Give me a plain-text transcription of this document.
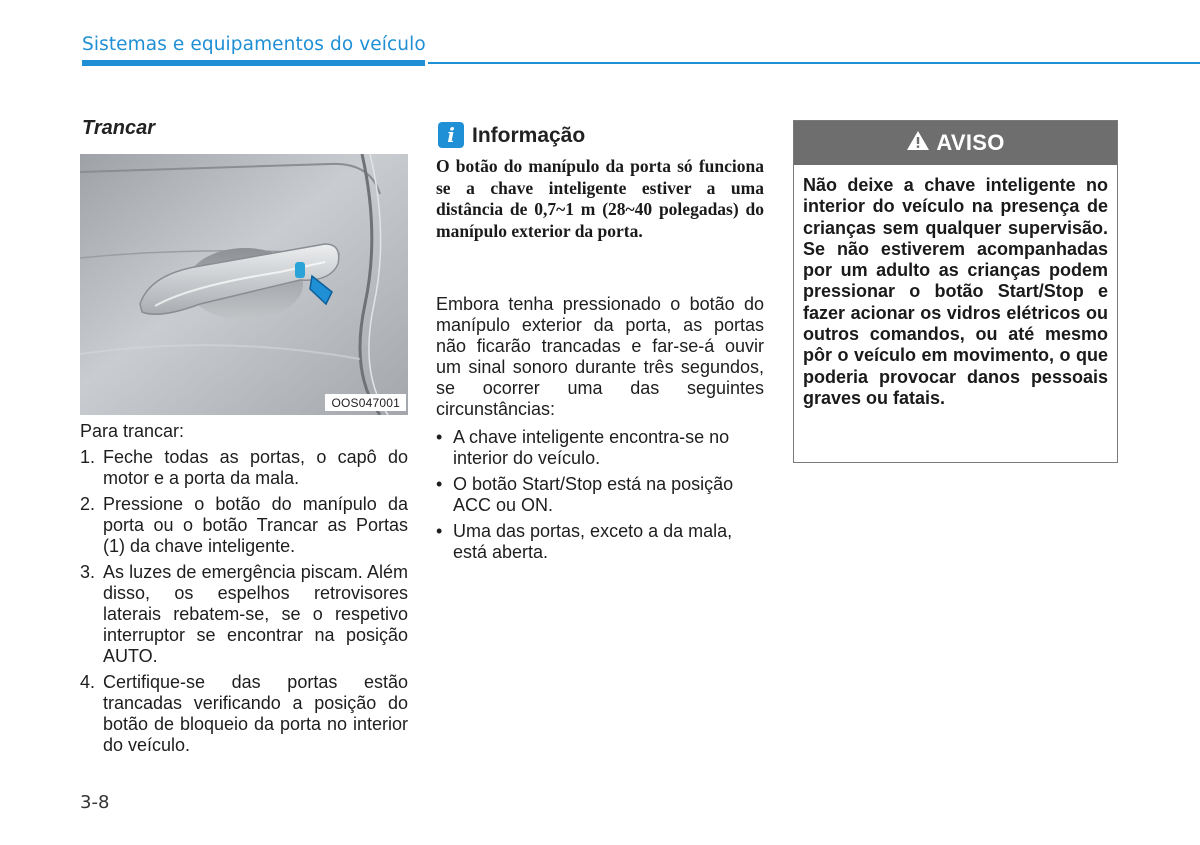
Sistemas e equipamentos do veículo
Trancar
OOS047001
Para trancar:
1. Feche todas as portas, o capô do motor e a porta da mala.
2. Pressione o botão do manípulo da porta ou o botão Trancar as Portas (1) da chave inteligente.
3. As luzes de emergência piscam. Além disso, os espelhos retrovisores laterais rebatem-se, se o respetivo interruptor se encontrar na posição AUTO.
4. Certifique-se das portas estão trancadas verificando a posição do botão de bloqueio da porta no interior do veículo.
3-8
i Informação
O botão do manípulo da porta só funciona se a chave inteligente estiver a uma distância de 0,7~1 m (28~40 polegadas) do manípulo exterior da porta.
Embora tenha pressionado o botão do manípulo exterior da porta, as portas não ficarão trancadas e far-se-á ouvir um sinal sonoro durante três segundos, se ocorrer uma das seguintes circunstâncias:
• A chave inteligente encontra-se no interior do veículo.
• O botão Start/Stop está na posição ACC ou ON.
• Uma das portas, exceto a da mala, está aberta.
AVISO
Não deixe a chave inteligente no interior do veículo na presença de crianças sem qualquer supervisão. Se não estiverem acompanhadas por um adulto as crianças podem pressionar o botão Start/Stop e fazer acionar os vidros elétricos ou outros comandos, ou até mesmo pôr o veículo em movimento, o que poderia provocar danos pessoais graves ou fatais.
